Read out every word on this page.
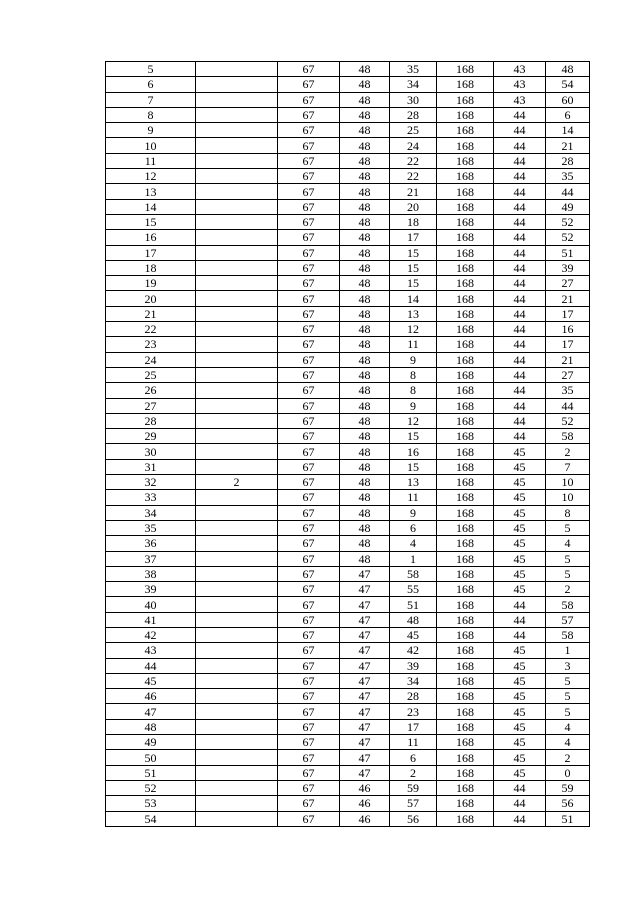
5		67	48	35	168	43	48
6		67	48	34	168	43	54
7		67	48	30	168	43	60
8		67	48	28	168	44	6
9		67	48	25	168	44	14
10		67	48	24	168	44	21
11		67	48	22	168	44	28
12		67	48	22	168	44	35
13		67	48	21	168	44	44
14		67	48	20	168	44	49
15		67	48	18	168	44	52
16		67	48	17	168	44	52
17		67	48	15	168	44	51
18		67	48	15	168	44	39
19		67	48	15	168	44	27
20		67	48	14	168	44	21
21		67	48	13	168	44	17
22		67	48	12	168	44	16
23		67	48	11	168	44	17
24		67	48	9	168	44	21
25		67	48	8	168	44	27
26		67	48	8	168	44	35
27		67	48	9	168	44	44
28		67	48	12	168	44	52
29		67	48	15	168	44	58
30		67	48	16	168	45	2
31		67	48	15	168	45	7
32	2	67	48	13	168	45	10
33		67	48	11	168	45	10
34		67	48	9	168	45	8
35		67	48	6	168	45	5
36		67	48	4	168	45	4
37		67	48	1	168	45	5
38		67	47	58	168	45	5
39		67	47	55	168	45	2
40		67	47	51	168	44	58
41		67	47	48	168	44	57
42		67	47	45	168	44	58
43		67	47	42	168	45	1
44		67	47	39	168	45	3
45		67	47	34	168	45	5
46		67	47	28	168	45	5
47		67	47	23	168	45	5
48		67	47	17	168	45	4
49		67	47	11	168	45	4
50		67	47	6	168	45	2
51		67	47	2	168	45	0
52		67	46	59	168	44	59
53		67	46	57	168	44	56
54		67	46	56	168	44	51
